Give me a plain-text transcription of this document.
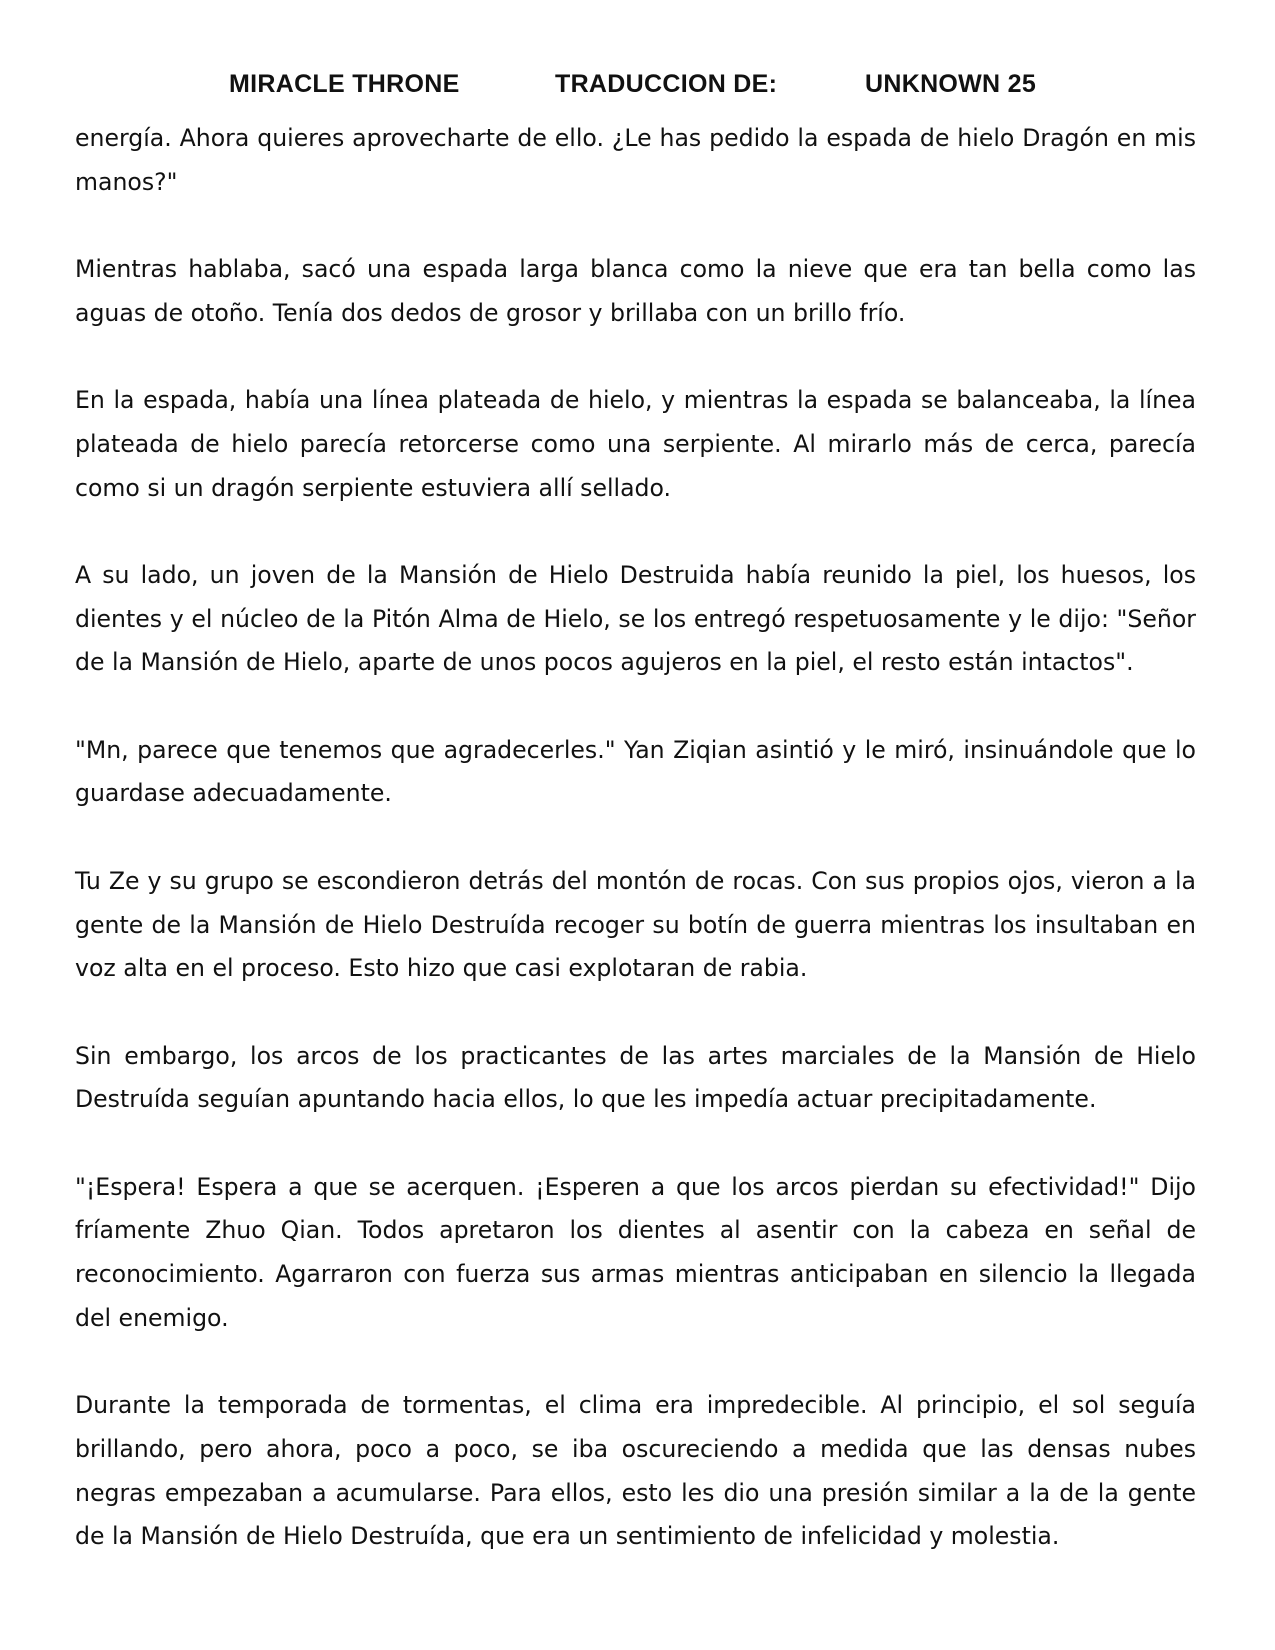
MIRACLE THRONE	TRADUCCION DE:	UNKNOWN 25

energía. Ahora quieres aprovecharte de ello. ¿Le has pedido la espada de hielo Dragón en mis manos?"

Mientras hablaba, sacó una espada larga blanca como la nieve que era tan bella como las aguas de otoño. Tenía dos dedos de grosor y brillaba con un brillo frío.

En la espada, había una línea plateada de hielo, y mientras la espada se balanceaba, la línea plateada de hielo parecía retorcerse como una serpiente. Al mirarlo más de cerca, parecía como si un dragón serpiente estuviera allí sellado.

A su lado, un joven de la Mansión de Hielo Destruida había reunido la piel, los huesos, los dientes y el núcleo de la Pitón Alma de Hielo, se los entregó respetuosamente y le dijo: "Señor de la Mansión de Hielo, aparte de unos pocos agujeros en la piel, el resto están intactos".

"Mn, parece que tenemos que agradecerles." Yan Ziqian asintió y le miró, insinuándole que lo guardase adecuadamente.

Tu Ze y su grupo se escondieron detrás del montón de rocas. Con sus propios ojos, vieron a la gente de la Mansión de Hielo Destruída recoger su botín de guerra mientras los insultaban en voz alta en el proceso. Esto hizo que casi explotaran de rabia.

Sin embargo, los arcos de los practicantes de las artes marciales de la Mansión de Hielo Destruída seguían apuntando hacia ellos, lo que les impedía actuar precipitadamente.

"¡Espera! Espera a que se acerquen. ¡Esperen a que los arcos pierdan su efectividad!" Dijo fríamente Zhuo Qian. Todos apretaron los dientes al asentir con la cabeza en señal de reconocimiento. Agarraron con fuerza sus armas mientras anticipaban en silencio la llegada del enemigo.

Durante la temporada de tormentas, el clima era impredecible. Al principio, el sol seguía brillando, pero ahora, poco a poco, se iba oscureciendo a medida que las densas nubes negras empezaban a acumularse. Para ellos, esto les dio una presión similar a la de la gente de la Mansión de Hielo Destruída, que era un sentimiento de infelicidad y molestia.
